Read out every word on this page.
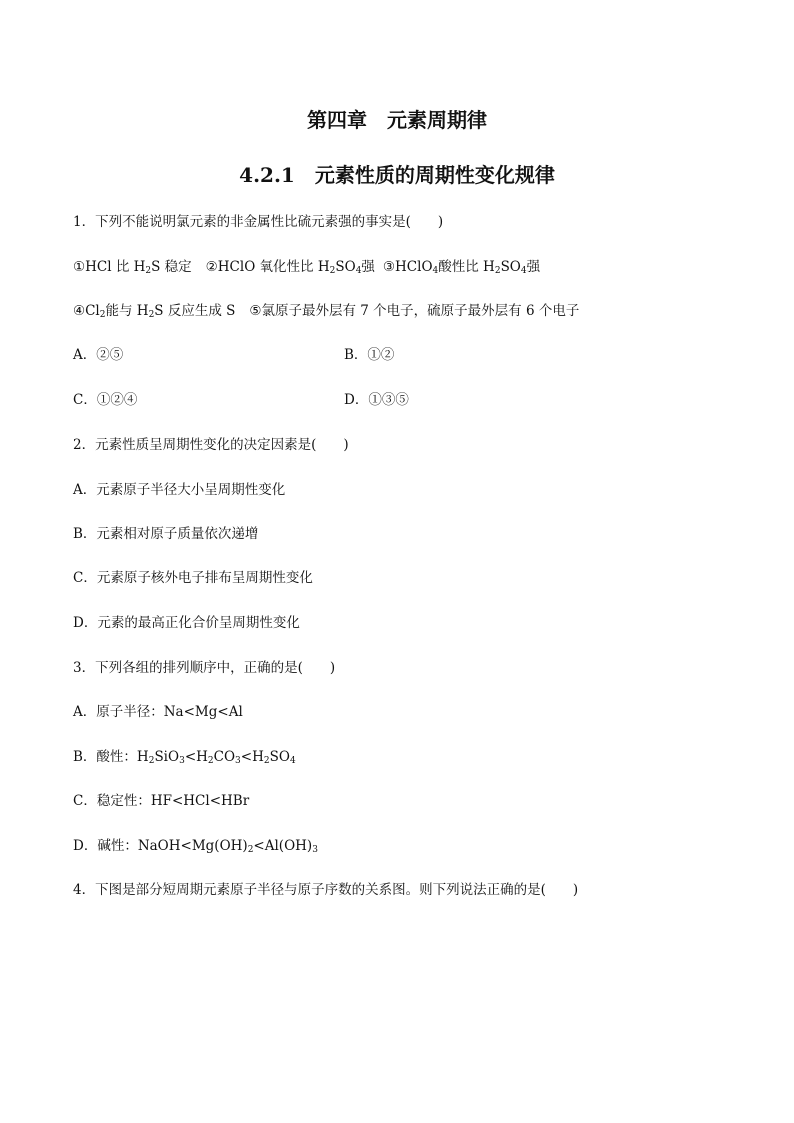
第四章　元素周期律
4.2.1　元素性质的周期性变化规律
1．下列不能说明氯元素的非金属性比硫元素强的事实是(　　)
①HCl 比 $H_2S$ 稳定 ②HClO 氧化性比 $H_2SO_4$强 ③HClO$_4$酸性比 $H_2SO_4$强
$④Cl_2$能与 $H_2S$ 反应生成 S ⑤氯原子最外层有 7 个电子，硫原子最外层有 6 个电子
A．②⑤	B．①②
C．①②④	D．①③⑤
2．元素性质呈周期性变化的决定因素是(　　)
A．元素原子半径大小呈周期性变化
B．元素相对原子质量依次递增
C．元素原子核外电子排布呈周期性变化
D．元素的最高正化合价呈周期性变化
3．下列各组的排列顺序中，正确的是(　　)
A．原子半径：Na<Mg<Al
B．酸性：$H_2SiO_3<H_2CO_3<H_2SO_4$
C．稳定性：HF<HCl<HBr
D．碱性：$NaOH<Mg(OH)_2<Al(OH)_3$
4．下图是部分短周期元素原子半径与原子序数的关系图。则下列说法正确的是(　　)
